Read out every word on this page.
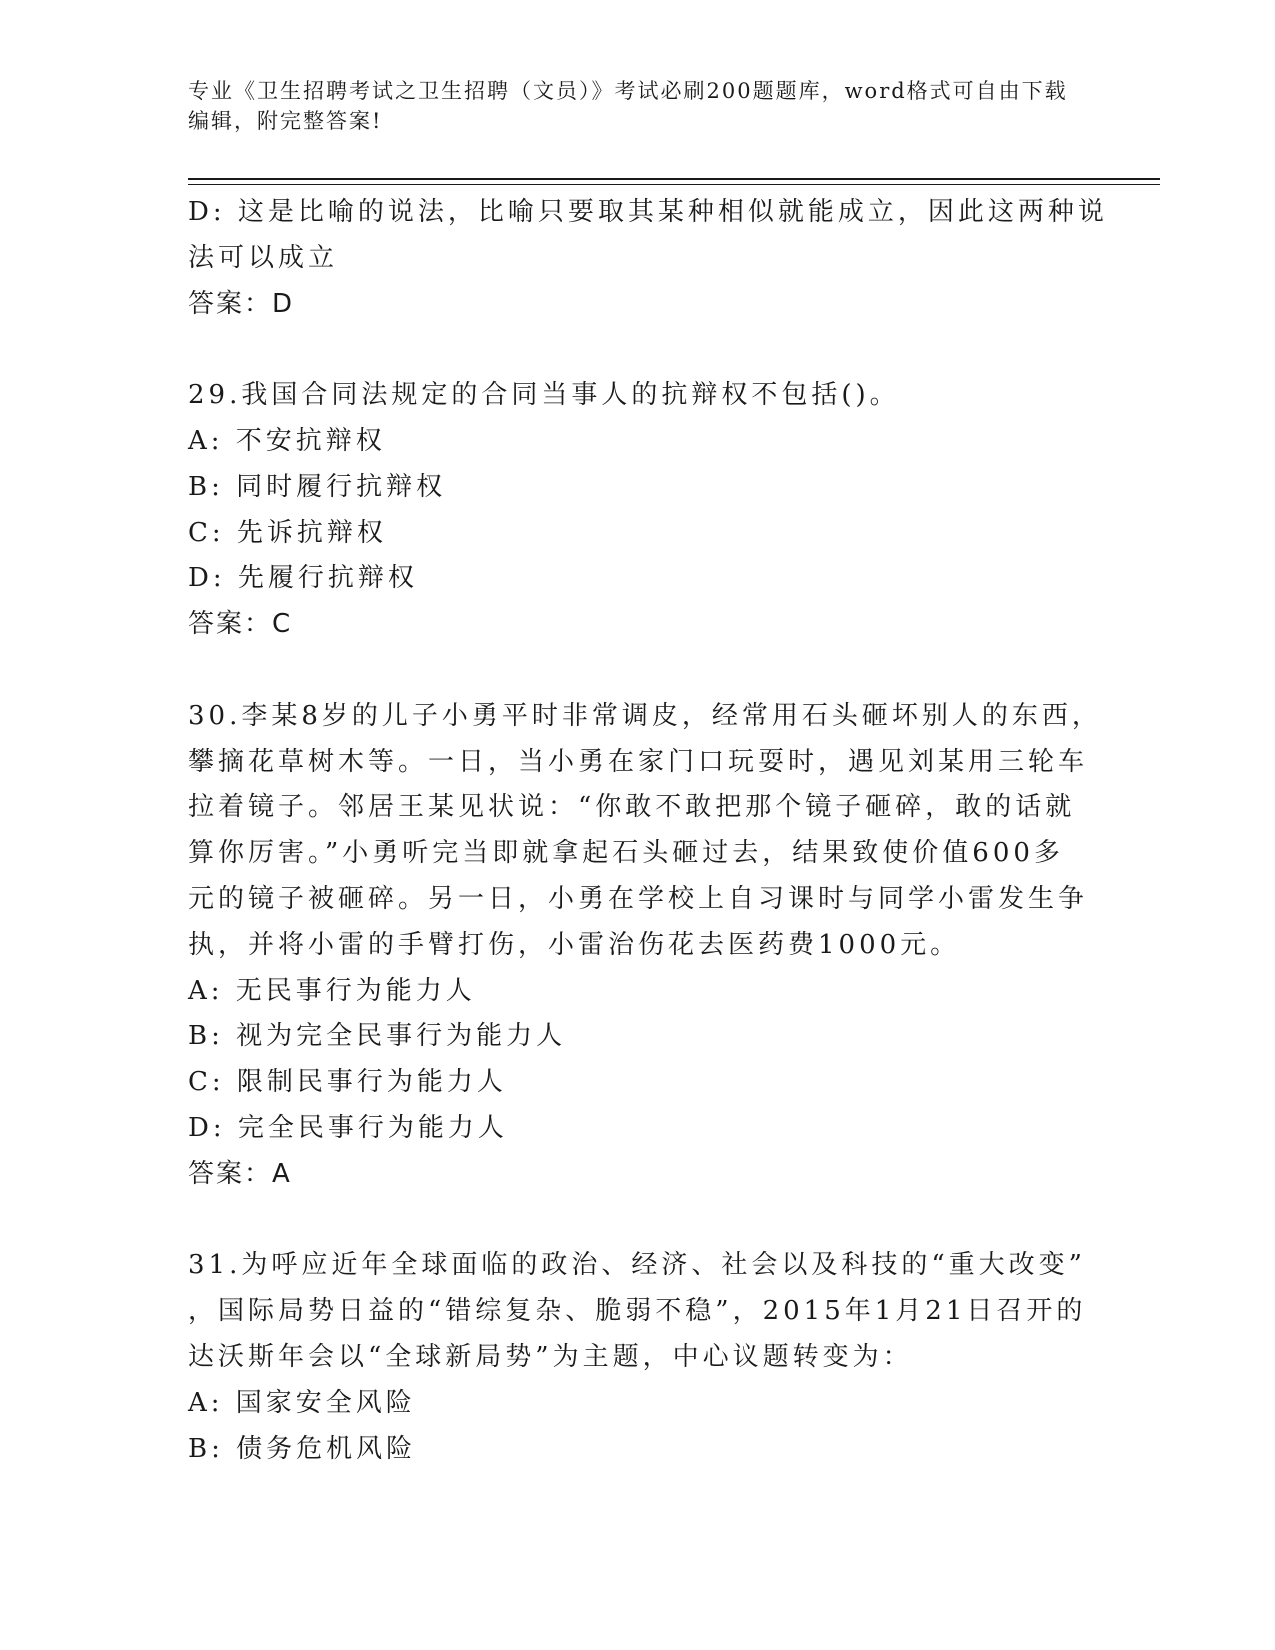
专业《卫生招聘考试之卫生招聘（文员）》考试必刷200题题库，word格式可自由下载编辑，附完整答案!
D: 这是比喻的说法，比喻只要取其某种相似就能成立，因此这两种说
法可以成立
答案：D
29.我国合同法规定的合同当事人的抗辩权不包括()。
A: 不安抗辩权
B: 同时履行抗辩权
C: 先诉抗辩权
D: 先履行抗辩权
答案：C
30.李某8岁的儿子小勇平时非常调皮，经常用石头砸坏别人的东西，
攀摘花草树木等。一日，当小勇在家门口玩耍时，遇见刘某用三轮车
拉着镜子。邻居王某见状说：“你敢不敢把那个镜子砸碎，敢的话就
算你厉害。”小勇听完当即就拿起石头砸过去，结果致使价值600多
元的镜子被砸碎。另一日，小勇在学校上自习课时与同学小雷发生争
执，并将小雷的手臂打伤，小雷治伤花去医药费1000元。
A: 无民事行为能力人
B: 视为完全民事行为能力人
C: 限制民事行为能力人
D: 完全民事行为能力人
答案：A
31.为呼应近年全球面临的政治、经济、社会以及科技的“重大改变”
，国际局势日益的“错综复杂、脆弱不稳”，2015年1月21日召开的
达沃斯年会以“全球新局势”为主题，中心议题转变为：
A: 国家安全风险
B: 债务危机风险
